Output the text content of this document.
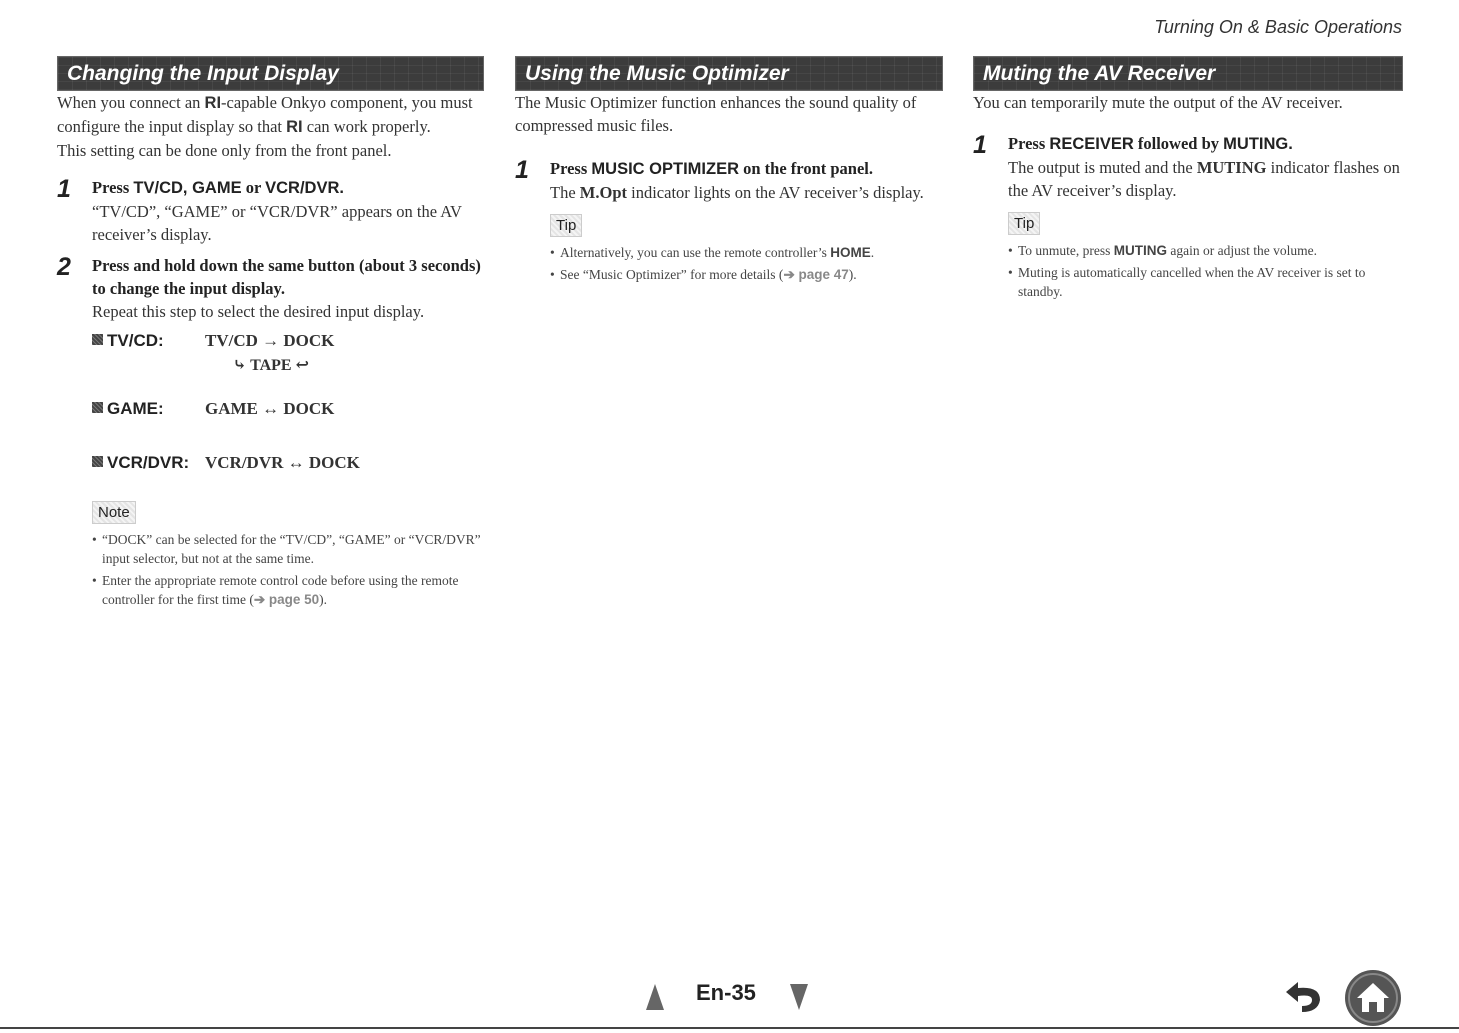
Turning On & Basic Operations
Changing the Input Display

When you connect an RI-capable Onkyo component, you must configure the input display so that RI can work properly.
This setting can be done only from the front panel.

1 Press TV/CD, GAME or VCR/DVR.

“TV/CD”, “GAME” or “VCR/DVR” appears on the AV receiver’s display.

2 Press and hold down the same button (about 3 seconds) to change the input display.

Repeat this step to select the desired input display.

TV/CD: TV/CD → DOCK
⤷ TAPE ↩
GAME: GAME ↔ DOCK
VCR/DVR: VCR/DVR ↔ DOCK
Note
• “DOCK” can be selected for the “TV/CD”, “GAME” or “VCR/DVR” input selector, but not at the same time.
• Enter the appropriate remote control code before using the remote controller for the first time (➔ page 50).
Using the Music Optimizer

The Music Optimizer function enhances the sound quality of compressed music files.

1 Press MUSIC OPTIMIZER on the front panel.

The M.Opt indicator lights on the AV receiver’s display.

Tip
• Alternatively, you can use the remote controller’s HOME.
• See “Music Optimizer” for more details (➔ page 47).
Muting the AV Receiver

You can temporarily mute the output of the AV receiver.

1 Press RECEIVER followed by MUTING.

The output is muted and the MUTING indicator flashes on the AV receiver’s display.

Tip
• To unmute, press MUTING again or adjust the volume.
• Muting is automatically cancelled when the AV receiver is set to standby.
En-35
